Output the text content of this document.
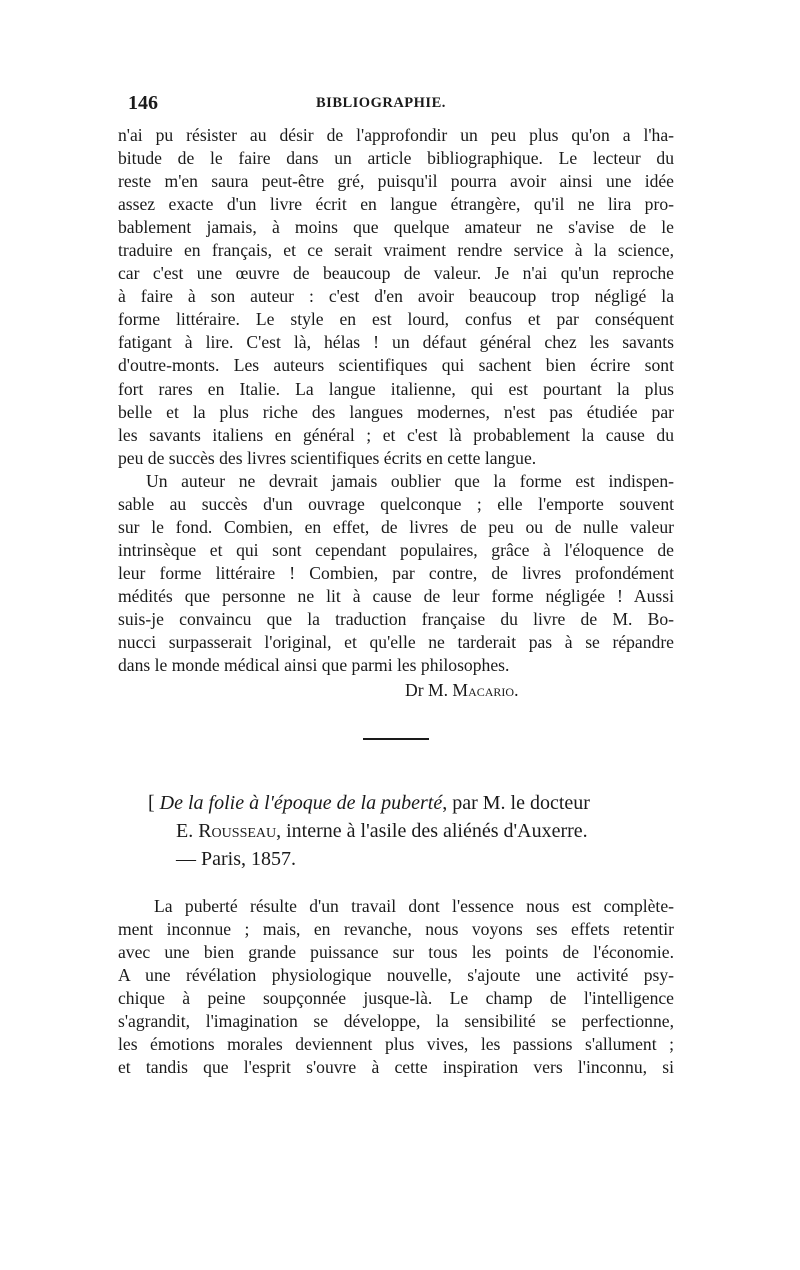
146	BIBLIOGRAPHIE.
n'ai pu résister au désir de l'approfondir un peu plus qu'on a l'ha-
bitude de le faire dans un article bibliographique. Le lecteur du
reste m'en saura peut-être gré, puisqu'il pourra avoir ainsi une idée
assez exacte d'un livre écrit en langue étrangère, qu'il ne lira pro-
bablement jamais, à moins que quelque amateur ne s'avise de le
traduire en français, et ce serait vraiment rendre service à la science,
car c'est une œuvre de beaucoup de valeur. Je n'ai qu'un reproche
à faire à son auteur : c'est d'en avoir beaucoup trop négligé la
forme littéraire. Le style en est lourd, confus et par conséquent
fatigant à lire. C'est là, hélas ! un défaut général chez les savants
d'outre-monts. Les auteurs scientifiques qui sachent bien écrire sont
fort rares en Italie. La langue italienne, qui est pourtant la plus
belle et la plus riche des langues modernes, n'est pas étudiée par
les savants italiens en général ; et c'est là probablement la cause du
peu de succès des livres scientifiques écrits en cette langue.
Un auteur ne devrait jamais oublier que la forme est indispen-
sable au succès d'un ouvrage quelconque ; elle l'emporte souvent
sur le fond. Combien, en effet, de livres de peu ou de nulle valeur
intrinsèque et qui sont cependant populaires, grâce à l'éloquence de
leur forme littéraire ! Combien, par contre, de livres profondément
médités que personne ne lit à cause de leur forme négligée ! Aussi
suis-je convaincu que la traduction française du livre de M. Bo-
nucci surpasserait l'original, et qu'elle ne tarderait pas à se répandre
dans le monde médical ainsi que parmi les philosophes.
Dr M. Macario.
[ De la folie à l'époque de la puberté, par M. le docteur
E. Rousseau, interne à l'asile des aliénés d'Auxerre.
— Paris, 1857.
La puberté résulte d'un travail dont l'essence nous est complète-
ment inconnue ; mais, en revanche, nous voyons ses effets retentir
avec une bien grande puissance sur tous les points de l'économie.
A une révélation physiologique nouvelle, s'ajoute une activité psy-
chique à peine soupçonnée jusque-là. Le champ de l'intelligence
s'agrandit, l'imagination se développe, la sensibilité se perfectionne,
les émotions morales deviennent plus vives, les passions s'allument ;
et tandis que l'esprit s'ouvre à cette inspiration vers l'inconnu, si
